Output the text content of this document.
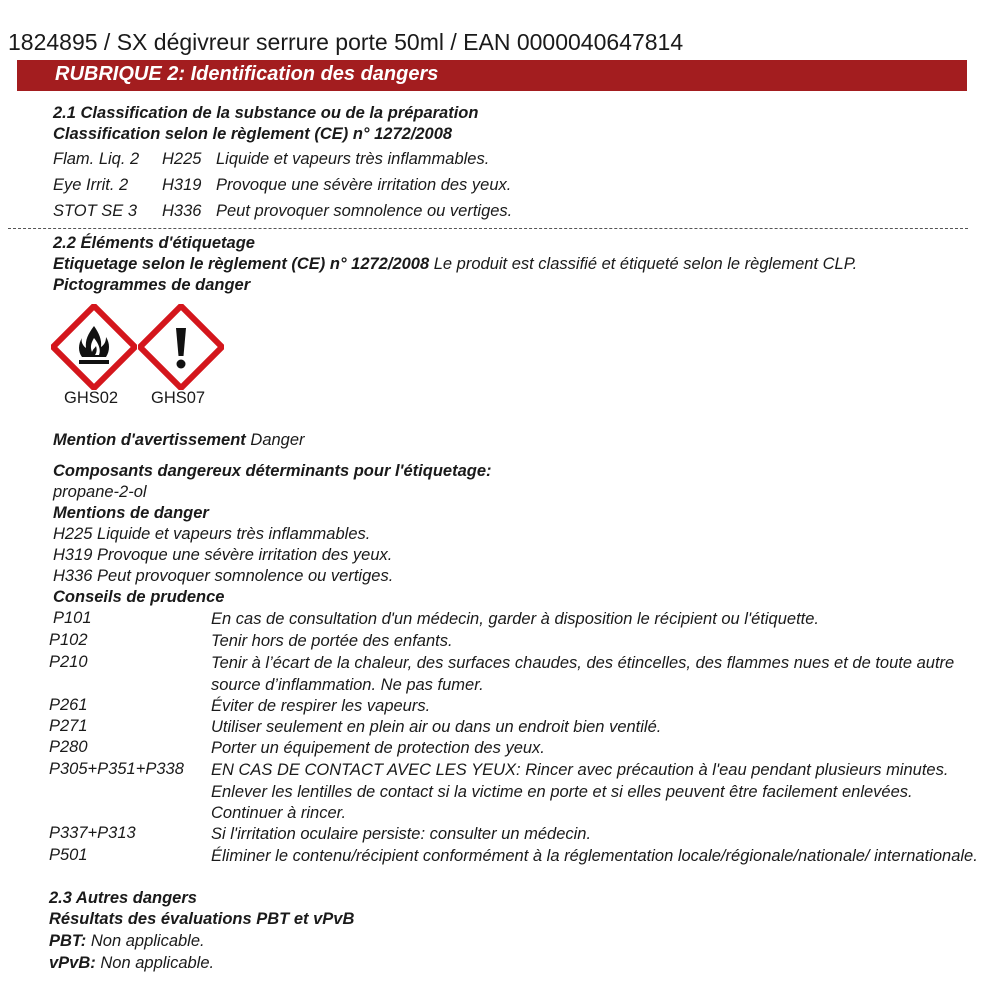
1824895 / SX dégivreur serrure porte 50ml / EAN 0000040647814
RUBRIQUE 2: Identification des dangers
2.1 Classification de la substance ou de la préparation
Classification selon le règlement (CE) n° 1272/2008
Flam. Liq. 2 H225 Liquide et vapeurs très inflammables.
Eye Irrit. 2 H319 Provoque une sévère irritation des yeux.
STOT SE 3 H336 Peut provoquer somnolence ou vertiges.
2.2 Éléments d'étiquetage
Etiquetage selon le règlement (CE) n° 1272/2008 Le produit est classifié et étiqueté selon le règlement CLP.
Pictogrammes de danger
GHS02 GHS07
Mention d'avertissement Danger
Composants dangereux déterminants pour l'étiquetage:
propane-2-ol
Mentions de danger
H225 Liquide et vapeurs très inflammables.
H319 Provoque une sévère irritation des yeux.
H336 Peut provoquer somnolence ou vertiges.
Conseils de prudence
P101	En cas de consultation d'un médecin, garder à disposition le récipient ou l'étiquette.
P102	Tenir hors de portée des enfants.
P210	Tenir à l’écart de la chaleur, des surfaces chaudes, des étincelles, des flammes nues et de toute autre source d’inflammation. Ne pas fumer.
P261	Éviter de respirer les vapeurs.
P271	Utiliser seulement en plein air ou dans un endroit bien ventilé.
P280	Porter un équipement de protection des yeux.
P305+P351+P338 EN CAS DE CONTACT AVEC LES YEUX: Rincer avec précaution à l'eau pendant plusieurs minutes. Enlever les lentilles de contact si la victime en porte et si elles peuvent être facilement enlevées. Continuer à rincer.
P337+P313	Si l'irritation oculaire persiste: consulter un médecin.
P501	Éliminer le contenu/récipient conformément à la réglementation locale/régionale/nationale/ internationale.
2.3 Autres dangers
Résultats des évaluations PBT et vPvB
PBT: Non applicable.
vPvB: Non applicable.
